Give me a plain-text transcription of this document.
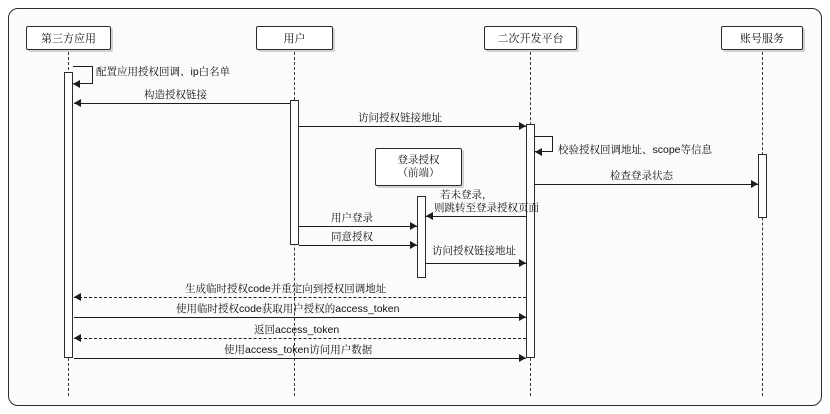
第三方应用	用户	二次开发平台	账号服务
登录授权
（前端）
配置应用授权回调、ip白名单
构造授权链接
访问授权链接地址
校验授权回调地址、scope等信息
检查登录状态
若未登录，
则跳转至登录授权页面
用户登录
同意授权
访问授权链接地址
生成临时授权code并重定向到授权回调地址
使用临时授权code获取用户授权的access_token
返回access_token
使用access_token访问用户数据
